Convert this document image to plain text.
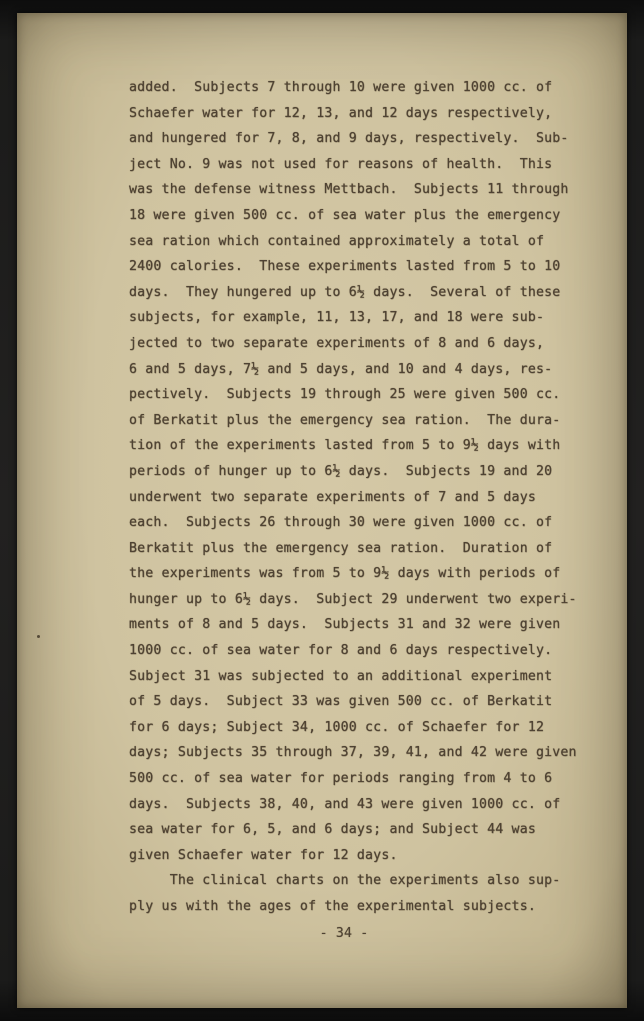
added.  Subjects 7 through 10 were given 1000 cc. of
Schaefer water for 12, 13, and 12 days respectively,
and hungered for 7, 8, and 9 days, respectively.  Sub-
ject No. 9 was not used for reasons of health.  This
was the defense witness Mettbach.  Subjects 11 through
18 were given 500 cc. of sea water plus the emergency
sea ration which contained approximately a total of
2400 calories.  These experiments lasted from 5 to 10
days.  They hungered up to 6½ days.  Several of these
subjects, for example, 11, 13, 17, and 18 were sub-
jected to two separate experiments of 8 and 6 days,
6 and 5 days, 7½ and 5 days, and 10 and 4 days, res-
pectively.  Subjects 19 through 25 were given 500 cc.
of Berkatit plus the emergency sea ration.  The dura-
tion of the experiments lasted from 5 to 9½ days with
periods of hunger up to 6½ days.  Subjects 19 and 20
underwent two separate experiments of 7 and 5 days
each.  Subjects 26 through 30 were given 1000 cc. of
Berkatit plus the emergency sea ration.  Duration of
the experiments was from 5 to 9½ days with periods of
hunger up to 6½ days.  Subject 29 underwent two experi-
ments of 8 and 5 days.  Subjects 31 and 32 were given
1000 cc. of sea water for 8 and 6 days respectively.
Subject 31 was subjected to an additional experiment
of 5 days.  Subject 33 was given 500 cc. of Berkatit
for 6 days; Subject 34, 1000 cc. of Schaefer for 12
days; Subjects 35 through 37, 39, 41, and 42 were given
500 cc. of sea water for periods ranging from 4 to 6
days.  Subjects 38, 40, and 43 were given 1000 cc. of
sea water for 6, 5, and 6 days; and Subject 44 was
given Schaefer water for 12 days.
The clinical charts on the experiments also sup-
ply us with the ages of the experimental subjects.
- 34 -
